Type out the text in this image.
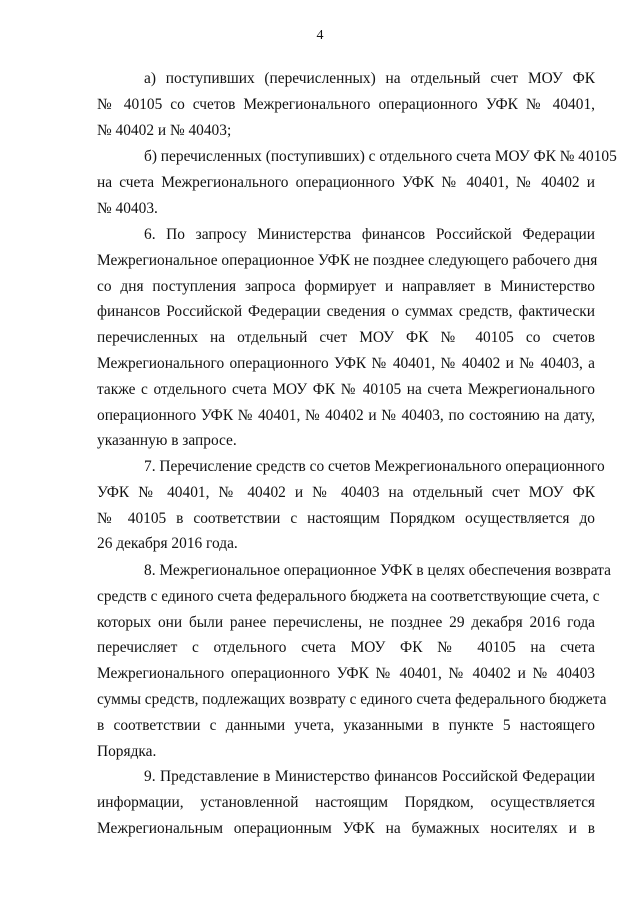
4

а) поступивших (перечисленных) на отдельный счет МОУ ФК
№ 40105 со счетов Межрегионального операционного УФК № 40401,
№ 40402 и № 40403;

б) перечисленных (поступивших) с отдельного счета МОУ ФК № 40105
на счета Межрегионального операционного УФК № 40401, № 40402 и
№ 40403.

6. По запросу Министерства финансов Российской Федерации
Межрегиональное операционное УФК не позднее следующего рабочего дня
со дня поступления запроса формирует и направляет в Министерство
финансов Российской Федерации сведения о суммах средств, фактически
перечисленных на отдельный счет МОУ ФК № 40105 со счетов
Межрегионального операционного УФК № 40401, № 40402 и № 40403, а
также с отдельного счета МОУ ФК № 40105 на счета Межрегионального
операционного УФК № 40401, № 40402 и № 40403, по состоянию на дату,
указанную в запросе.

7. Перечисление средств со счетов Межрегионального операционного
УФК № 40401, № 40402 и № 40403 на отдельный счет МОУ ФК
№ 40105 в соответствии с настоящим Порядком осуществляется до
26 декабря 2016 года.

8. Межрегиональное операционное УФК в целях обеспечения возврата
средств с единого счета федерального бюджета на соответствующие счета, с
которых они были ранее перечислены, не позднее 29 декабря 2016 года
перечисляет с отдельного счета МОУ ФК № 40105 на счета
Межрегионального операционного УФК № 40401, № 40402 и № 40403
суммы средств, подлежащих возврату с единого счета федерального бюджета
в соответствии с данными учета, указанными в пункте 5 настоящего
Порядка.

9. Представление в Министерство финансов Российской Федерации
информации, установленной настоящим Порядком, осуществляется
Межрегиональным операционным УФК на бумажных носителях и в
